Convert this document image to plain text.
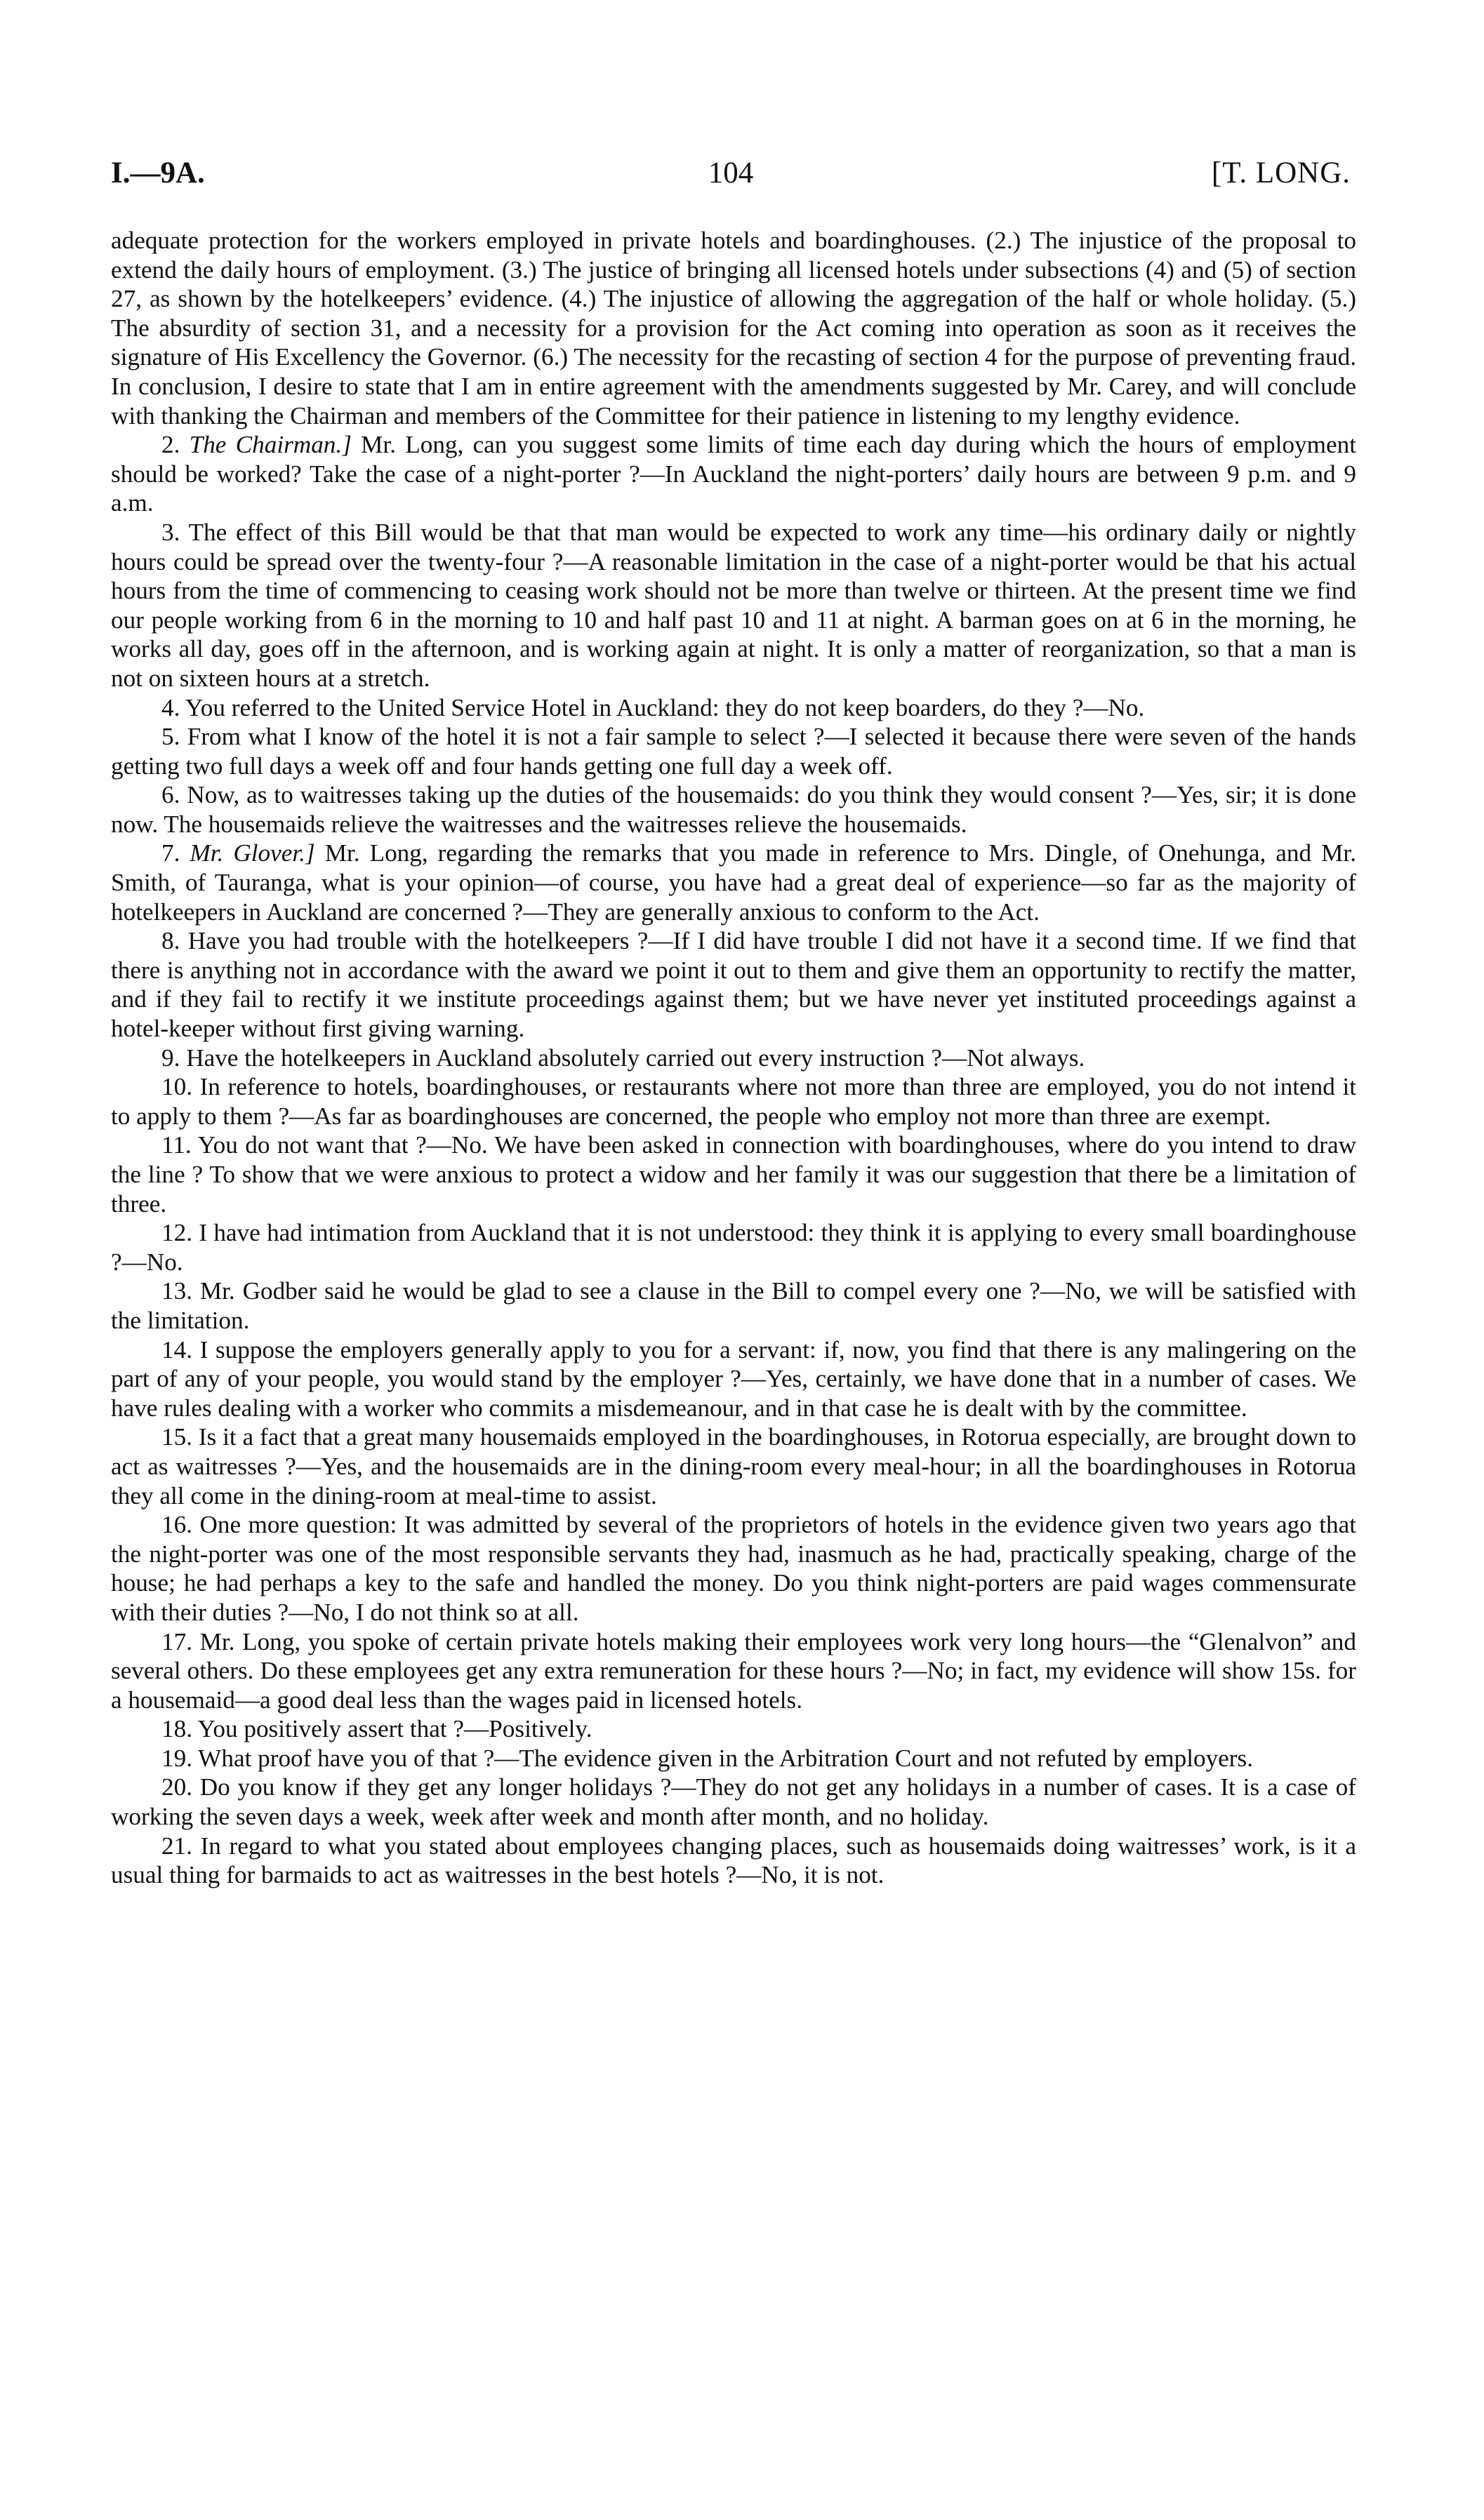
I.—9A.	104	[T. LONG.

adequate protection for the workers employed in private hotels and boardinghouses. (2.) The injustice of the proposal to extend the daily hours of employment. (3.) The justice of bringing all licensed hotels under subsections (4) and (5) of section 27, as shown by the hotelkeepers’ evidence. (4.) The injustice of allowing the aggregation of the half or whole holiday. (5.) The absurdity of section 31, and a necessity for a provision for the Act coming into operation as soon as it receives the signature of His Excellency the Governor. (6.) The necessity for the recasting of section 4 for the purpose of preventing fraud. In conclusion, I desire to state that I am in entire agreement with the amendments suggested by Mr. Carey, and will conclude with thanking the Chairman and members of the Committee for their patience in listening to my lengthy evidence.

2. The Chairman.] Mr. Long, can you suggest some limits of time each day during which the hours of employment should be worked? Take the case of a night-porter ?—In Auckland the night-porters’ daily hours are between 9 p.m. and 9 a.m.

3. The effect of this Bill would be that that man would be expected to work any time—his ordinary daily or nightly hours could be spread over the twenty-four ?—A reasonable limitation in the case of a night-porter would be that his actual hours from the time of commencing to ceasing work should not be more than twelve or thirteen. At the present time we find our people working from 6 in the morning to 10 and half past 10 and 11 at night. A barman goes on at 6 in the morning, he works all day, goes off in the afternoon, and is working again at night. It is only a matter of reorganization, so that a man is not on sixteen hours at a stretch.

4. You referred to the United Service Hotel in Auckland: they do not keep boarders, do they ?—No.

5. From what I know of the hotel it is not a fair sample to select ?—I selected it because there were seven of the hands getting two full days a week off and four hands getting one full day a week off.

6. Now, as to waitresses taking up the duties of the housemaids: do you think they would consent ?—Yes, sir; it is done now. The housemaids relieve the waitresses and the waitresses relieve the housemaids.

7. Mr. Glover.] Mr. Long, regarding the remarks that you made in reference to Mrs. Dingle, of Onehunga, and Mr. Smith, of Tauranga, what is your opinion—of course, you have had a great deal of experience—so far as the majority of hotelkeepers in Auckland are concerned ?—They are generally anxious to conform to the Act.

8. Have you had trouble with the hotelkeepers ?—If I did have trouble I did not have it a second time. If we find that there is anything not in accordance with the award we point it out to them and give them an opportunity to rectify the matter, and if they fail to rectify it we institute proceedings against them; but we have never yet instituted proceedings against a hotel-keeper without first giving warning.

9. Have the hotelkeepers in Auckland absolutely carried out every instruction ?—Not always.

10. In reference to hotels, boardinghouses, or restaurants where not more than three are employed, you do not intend it to apply to them ?—As far as boardinghouses are concerned, the people who employ not more than three are exempt.

11. You do not want that ?—No. We have been asked in connection with boardinghouses, where do you intend to draw the line ? To show that we were anxious to protect a widow and her family it was our suggestion that there be a limitation of three.

12. I have had intimation from Auckland that it is not understood: they think it is applying to every small boardinghouse ?—No.

13. Mr. Godber said he would be glad to see a clause in the Bill to compel every one ?—No, we will be satisfied with the limitation.

14. I suppose the employers generally apply to you for a servant: if, now, you find that there is any malingering on the part of any of your people, you would stand by the employer ?—Yes, certainly, we have done that in a number of cases. We have rules dealing with a worker who commits a misdemeanour, and in that case he is dealt with by the committee.

15. Is it a fact that a great many housemaids employed in the boardinghouses, in Rotorua especially, are brought down to act as waitresses ?—Yes, and the housemaids are in the dining-room every meal-hour; in all the boardinghouses in Rotorua they all come in the dining-room at meal-time to assist.

16. One more question: It was admitted by several of the proprietors of hotels in the evidence given two years ago that the night-porter was one of the most responsible servants they had, inasmuch as he had, practically speaking, charge of the house; he had perhaps a key to the safe and handled the money. Do you think night-porters are paid wages commensurate with their duties ?—No, I do not think so at all.

17. Mr. Long, you spoke of certain private hotels making their employees work very long hours—the “Glenalvon” and several others. Do these employees get any extra remuneration for these hours ?—No; in fact, my evidence will show 15s. for a housemaid—a good deal less than the wages paid in licensed hotels.

18. You positively assert that ?—Positively.

19. What proof have you of that ?—The evidence given in the Arbitration Court and not refuted by employers.

20. Do you know if they get any longer holidays ?—They do not get any holidays in a number of cases. It is a case of working the seven days a week, week after week and month after month, and no holiday.

21. In regard to what you stated about employees changing places, such as housemaids doing waitresses’ work, is it a usual thing for barmaids to act as waitresses in the best hotels ?—No, it is not.
